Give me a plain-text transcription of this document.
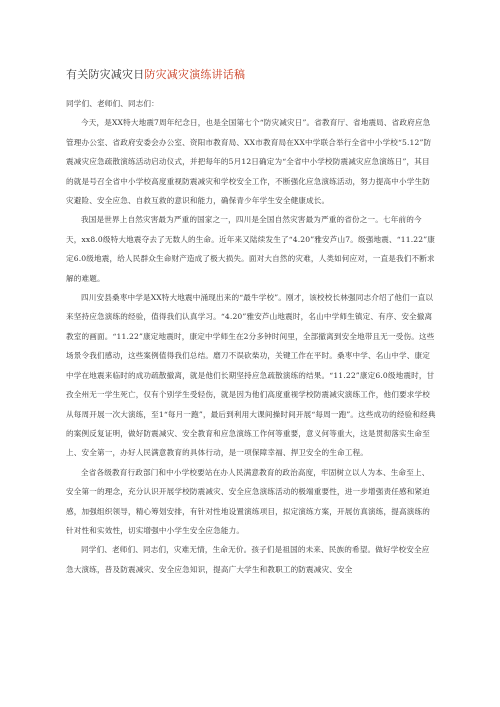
有关防灾减灾日防灾减灾演练讲话稿

同学们、老师们、同志们：

今天，是XX特大地震7周年纪念日，也是全国第七个“防灾减灾日”。省教育厅、省地震局、省政府应急管理办公室、省政府安委会办公室、资阳市教育局、XX市教育局在XX中学联合举行全省中小学校“5.12”防震减灾应急疏散演练活动启动仪式，并把每年的5月12日确定为“全省中小学校防震减灾应急演练日”，其目的就是号召全省中小学校高度重视防震减灾和学校安全工作，不断强化应急演练活动，努力提高中小学生防灾避险、安全应急、自救互救的意识和能力，确保青少年学生安全健康成长。

我国是世界上自然灾害最为严重的国家之一，四川是全国自然灾害最为严重的省份之一。七年前的今天，xx8.0级特大地震夺去了无数人的生命。近年来又陆续发生了“4.20”雅安芦山7。级强地震、“11.22”康定6.0级地震，给人民群众生命财产造成了极大损失。面对大自然的灾难，人类如何应对，一直是我们不断求解的难题。

四川安县桑枣中学是XX特大地震中涌现出来的“最牛学校”。刚才，该校校长林强同志介绍了他们一直以来坚持应急演练的经验，值得我们认真学习。“4.20”雅安芦山地震时，名山中学师生镇定、有序、安全撤离教室的画面。“11.22”康定地震时，康定中学师生在2分多钟时间里，全部撤离到安全地带且无一受伤。这些场景令我们感动，这些案例值得我们总结。磨刀不误砍柴功，关键工作在平时。桑枣中学、名山中学、康定中学在地震来临时的成功疏散撤离，就是他们长期坚持应急疏散演练的结果。“11.22”康定6.0级地震时，甘孜全州无一学生死亡，仅有个别学生受轻伤，就是因为他们高度重视学校防震减灾演练工作，他们要求学校从每周开展一次大演练，至1“每月一跑”，最后到利用大课间操时间开展“每周一跑”。这些成功的经验和经典的案例反复证明，做好防震减灾、安全教育和应急演练工作何等重要，意义何等重大，这是贯彻落实生命至上、安全第一，办好人民满意教育的具体行动，是一项保障幸福、捍卫安全的生命工程。

全省各级教育行政部门和中小学校要站在办人民满意教育的政治高度，牢固树立以人为本、生命至上、安全第一的理念，充分认识开展学校防震减灾、安全应急演练活动的极端重要性，进一步增强责任感和紧迫感，加强组织领导，精心筹划安排，有针对性地设置演练项目，拟定演练方案，开展仿真演练，提高演练的针对性和实效性，切实增强中小学生安全应急能力。

同学们、老师们、同志们，灾难无情，生命无价。孩子们是祖国的未来、民族的希望。做好学校安全应急大演练，普及防震减灾、安全应急知识，提高广大学生和教职工的防震减灾、安全
